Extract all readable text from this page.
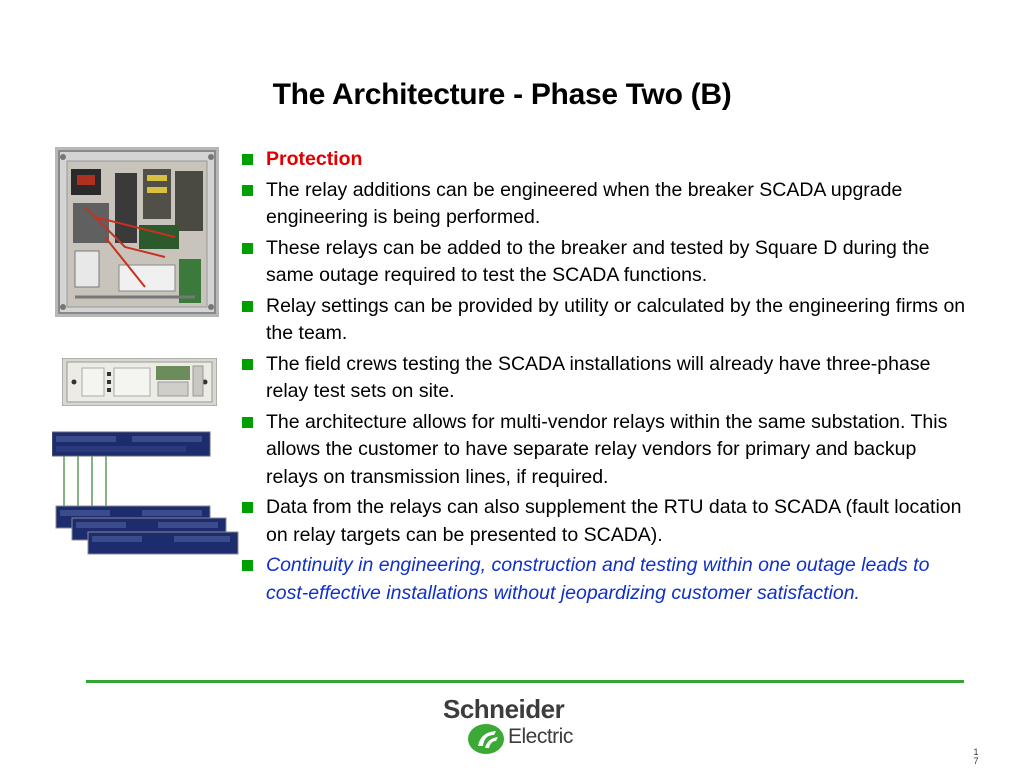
The Architecture - Phase Two (B)
Protection
The relay additions can be engineered when the breaker SCADA upgrade engineering is being performed.
These relays can be added to the breaker and tested by Square D during the same outage required to test the SCADA functions.
Relay settings can be provided by utility or calculated by the engineering firms on the team.
The field crews testing the SCADA installations will already have three-phase relay test sets on site.
The architecture allows for multi-vendor relays within the same substation. This allows the customer to have separate relay vendors for primary and backup relays on transmission lines, if required.
Data from the relays can also supplement the RTU data to SCADA (fault location on relay targets can be presented to SCADA).
Continuity in engineering, construction and testing within one outage leads to cost-effective installations without jeopardizing customer satisfaction.
Schneider
Electric
1
7
